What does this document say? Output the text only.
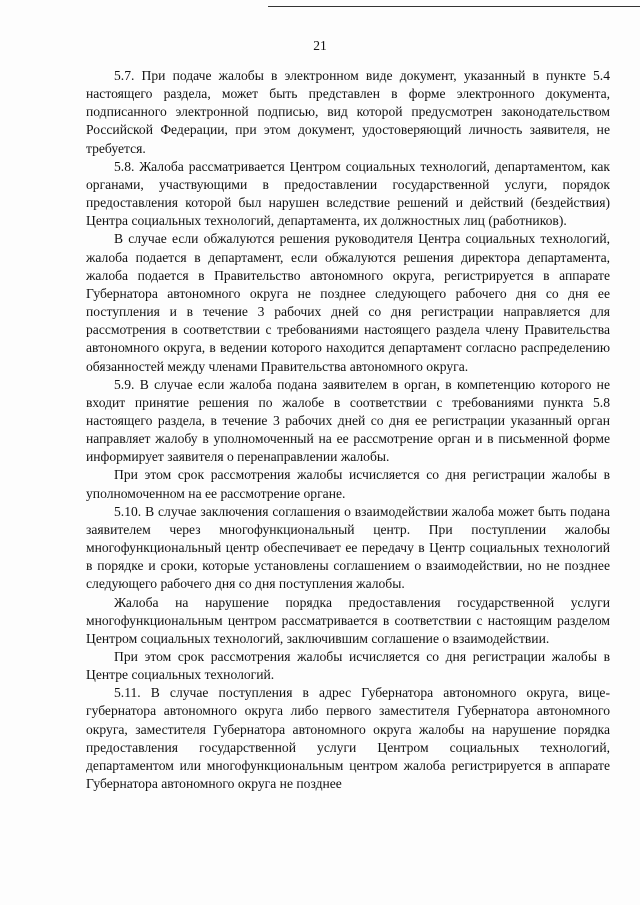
21

5.7. При подаче жалобы в электронном виде документ, указанный в пункте 5.4 настоящего раздела, может быть представлен в форме электронного документа, подписанного электронной подписью, вид которой предусмотрен законодательством Российской Федерации, при этом документ, удостоверяющий личность заявителя, не требуется.

5.8. Жалоба рассматривается Центром социальных технологий, департаментом, как органами, участвующими в предоставлении государственной услуги, порядок предоставления которой был нарушен вследствие решений и действий (бездействия) Центра социальных технологий, департамента, их должностных лиц (работников).

В случае если обжалуются решения руководителя Центра социальных технологий, жалоба подается в департамент, если обжалуются решения директора департамента, жалоба подается в Правительство автономного округа, регистрируется в аппарате Губернатора автономного округа не позднее следующего рабочего дня со дня ее поступления и в течение 3 рабочих дней со дня регистрации направляется для рассмотрения в соответствии с требованиями настоящего раздела члену Правительства автономного округа, в ведении которого находится департамент согласно распределению обязанностей между членами Правительства автономного округа.

5.9. В случае если жалоба подана заявителем в орган, в компетенцию которого не входит принятие решения по жалобе в соответствии с требованиями пункта 5.8 настоящего раздела, в течение 3 рабочих дней со дня ее регистрации указанный орган направляет жалобу в уполномоченный на ее рассмотрение орган и в письменной форме информирует заявителя о перенаправлении жалобы.

При этом срок рассмотрения жалобы исчисляется со дня регистрации жалобы в уполномоченном на ее рассмотрение органе.

5.10. В случае заключения соглашения о взаимодействии жалоба может быть подана заявителем через многофункциональный центр. При поступлении жалобы многофункциональный центр обеспечивает ее передачу в Центр социальных технологий в порядке и сроки, которые установлены соглашением о взаимодействии, но не позднее следующего рабочего дня со дня поступления жалобы.

Жалоба на нарушение порядка предоставления государственной услуги многофункциональным центром рассматривается в соответствии с настоящим разделом Центром социальных технологий, заключившим соглашение о взаимодействии.

При этом срок рассмотрения жалобы исчисляется со дня регистрации жалобы в Центре социальных технологий.

5.11. В случае поступления в адрес Губернатора автономного округа, вице-губернатора автономного округа либо первого заместителя Губернатора автономного округа, заместителя Губернатора автономного округа жалобы на нарушение порядка предоставления государственной услуги Центром социальных технологий, департаментом или многофункциональным центром жалоба регистрируется в аппарате Губернатора автономного округа не позднее
